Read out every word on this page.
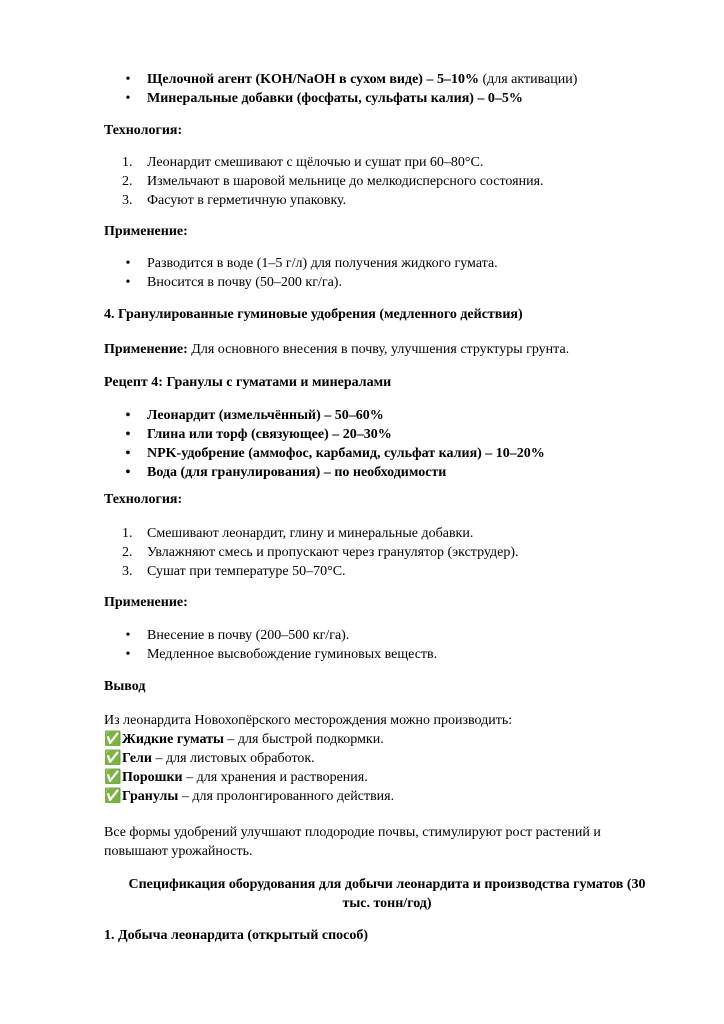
• Щелочной агент (KOH/NaOH в сухом виде) – 5–10% (для активации)
• Минеральные добавки (фосфаты, сульфаты калия) – 0–5%
Технология:
1.	Леонардит смешивают с щёлочью и сушат при 60–80°C.
2.	Измельчают в шаровой мельнице до мелкодисперсного состояния.
3.	Фасуют в герметичную упаковку.
Применение:
• Разводится в воде (1–5 г/л) для получения жидкого гумата.
• Вносится в почву (50–200 кг/га).
4. Гранулированные гуминовые удобрения (медленного действия)
Применение: Для основного внесения в почву, улучшения структуры грунта.
Рецепт 4: Гранулы с гуматами и минералами
• Леонардит (измельчённый) – 50–60%
• Глина или торф (связующее) – 20–30%
• NPK-удобрение (аммофос, карбамид, сульфат калия) – 10–20%
• Вода (для гранулирования) – по необходимости
Технология:
1.	Смешивают леонардит, глину и минеральные добавки.
2.	Увлажняют смесь и пропускают через гранулятор (экструдер).
3.	Сушат при температуре 50–70°C.
Применение:
• Внесение в почву (200–500 кг/га).
• Медленное высвобождение гуминовых веществ.
Вывод
Из леонардита Новохопёрского месторождения можно производить:
✅Жидкие гуматы – для быстрой подкормки.
✅Гели – для листовых обработок.
✅Порошки – для хранения и растворения.
✅Гранулы – для пролонгированного действия.
Все формы удобрений улучшают плодородие почвы, стимулируют рост растений и
повышают урожайность.
Спецификация оборудования для добычи леонардита и производства гуматов (30
тыс. тонн/год)
1. Добыча леонардита (открытый способ)
